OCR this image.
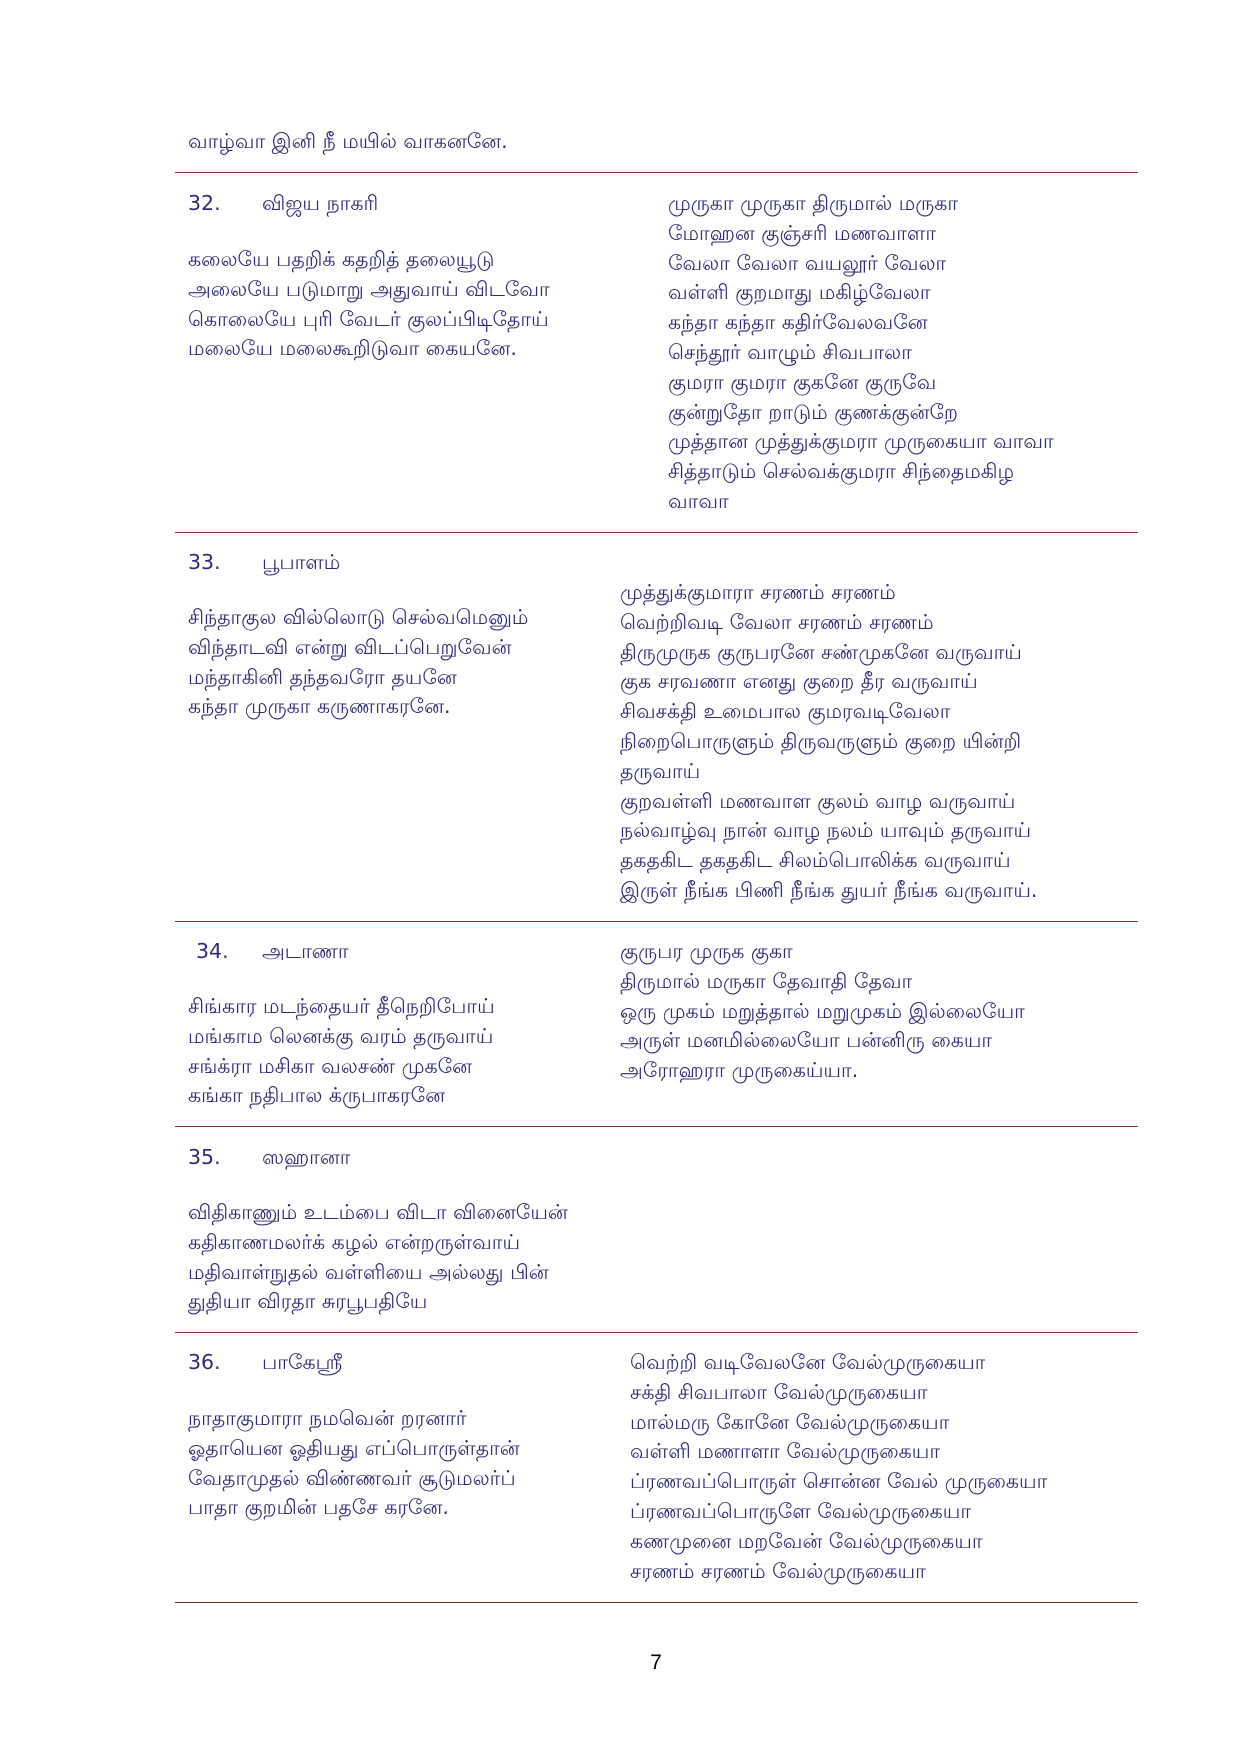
வாழ்வா இனி நீ மயில் வாகனனே.
32. விஜய நாகரி
கலையே பதறிக் கதறித் தலையூடு
அலையே படுமாறு அதுவாய் விடவோ
கொலையே புரி வேடர் குலப்பிடிதோய்
மலையே மலைகூறிடுவா கையனே.
முருகா முருகா திருமால் மருகா
மோஹன குஞ்சரி மணவாளா
வேலா வேலா வயலூர் வேலா
வள்ளி குறமாது மகிழ்வேலா
கந்தா கந்தா கதிர்வேலவனே
செந்தூர் வாழும் சிவபாலா
குமரா குமரா குகனே குருவே
குன்றுதோ றாடும் குணக்குன்றே
முத்தான முத்துக்குமரா முருகையா வாவா
சித்தாடும் செல்வக்குமரா சிந்தைமகிழ
வாவா
33. பூபாளம்
சிந்தாகுல வில்லொடு செல்வமெனும்
விந்தாடவி என்று விடப்பெறுவேன்
மந்தாகினி தந்தவரோ தயனே
கந்தா முருகா கருணாகரனே.
முத்துக்குமாரா சரணம் சரணம்
வெற்றிவடி வேலா சரணம் சரணம்
திருமுருக குருபரனே சண்முகனே வருவாய்
குக சரவணா எனது குறை தீர வருவாய்
சிவசக்தி உமைபால குமரவடிவேலா
நிறைபொருளும் திருவருளும் குறை யின்றி
தருவாய்
குறவள்ளி மணவாள குலம் வாழ வருவாய்
நல்வாழ்வு நான் வாழ நலம் யாவும் தருவாய்
தகதகிட தகதகிட சிலம்பொலிக்க வருவாய்
இருள் நீங்க பிணி நீங்க துயர் நீங்க வருவாய்.
34. அடாணா
சிங்கார மடந்தையர் தீநெறிபோய்
மங்காம லெனக்கு வரம் தருவாய்
சங்க்ரா மசிகா வலசண் முகனே
கங்கா நதிபால க்ருபாகரனே
குருபர முருக குகா
திருமால் மருகா தேவாதி தேவா
ஒரு முகம் மறுத்தால் மறுமுகம் இல்லையோ
அருள் மனமில்லையோ பன்னிரு கையா
அரோஹரா முருகைய்யா.
35. ஸஹானா
விதிகாணும் உடம்பை விடா வினையேன்
கதிகாணமலர்க் கழல் என்றருள்வாய்
மதிவாள்நுதல் வள்ளியை அல்லது பின்
துதியா விரதா சுரபூபதியே
36. பாகேஸ்ரீ
நாதாகுமாரா நமவென் றரனார்
ஓதாயென ஓதியது எப்பொருள்தான்
வேதாமுதல் விண்ணவர் சூடுமலர்ப்
பாதா குறமின் பதசே கரனே.
வெற்றி வடிவேலனே வேல்முருகையா
சக்தி சிவபாலா வேல்முருகையா
மால்மரு கோனே வேல்முருகையா
வள்ளி மணாளா வேல்முருகையா
ப்ரணவப்பொருள் சொன்ன வேல் முருகையா
ப்ரணவப்பொருளே வேல்முருகையா
கணமுனை மறவேன் வேல்முருகையா
சரணம் சரணம் வேல்முருகையா
7
